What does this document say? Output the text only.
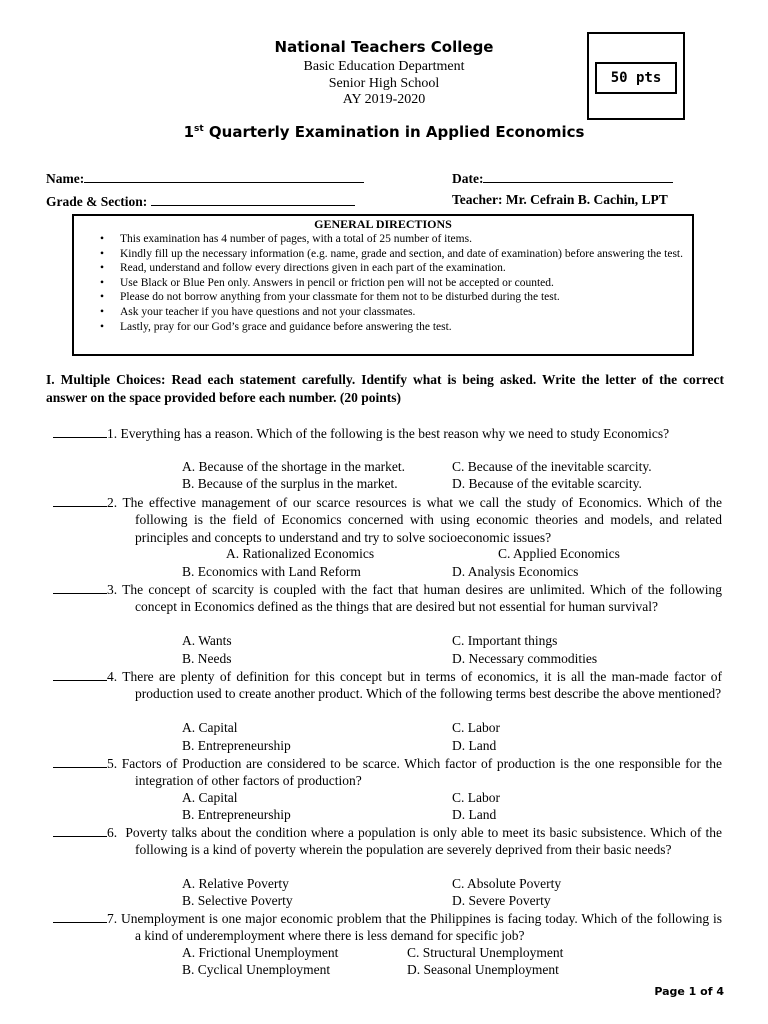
National Teachers College
Basic Education Department
Senior High School
AY 2019-2020
50 pts
1st Quarterly Examination in Applied Economics
Name:	Date:
Grade & Section:	Teacher: Mr. Cefrain B. Cachin, LPT
GENERAL DIRECTIONS
• This examination has 4 number of pages, with a total of 25 number of items.
• Kindly fill up the necessary information (e.g. name, grade and section, and date of examination) before answering the test.
• Read, understand and follow every directions given in each part of the examination.
• Use Black or Blue Pen only. Answers in pencil or friction pen will not be accepted or counted.
• Please do not borrow anything from your classmate for them not to be disturbed during the test.
• Ask your teacher if you have questions and not your classmates.
• Lastly, pray for our God’s grace and guidance before answering the test.
I. Multiple Choices: Read each statement carefully. Identify what is being asked. Write the letter of the correct answer on the space provided before each number. (20 points)
1. Everything has a reason. Which of the following is the best reason why we need to study Economics?
A. Because of the shortage in the market.
B. Because of the surplus in the market.
C. Because of the inevitable scarcity.
D. Because of the evitable scarcity.
2. The effective management of our scarce resources is what we call the study of Economics. Which of the following is the field of Economics concerned with using economic theories and models, and related principles and concepts to understand and try to solve socioeconomic issues?
A. Rationalized Economics
B. Economics with Land Reform
C. Applied Economics
D. Analysis Economics
3. The concept of scarcity is coupled with the fact that human desires are unlimited. Which of the following concept in Economics defined as the things that are desired but not essential for human survival?
A. Wants
B. Needs
C. Important things
D. Necessary commodities
4. There are plenty of definition for this concept but in terms of economics, it is all the man-made factor of production used to create another product. Which of the following terms best describe the above mentioned?
A. Capital
B. Entrepreneurship
C. Labor
D. Land
5. Factors of Production are considered to be scarce. Which factor of production is the one responsible for the integration of other factors of production?
A. Capital
B. Entrepreneurship
C. Labor
D. Land
6. Poverty talks about the condition where a population is only able to meet its basic subsistence. Which of the following is a kind of poverty wherein the population are severely deprived from their basic needs?
A. Relative Poverty
B. Selective Poverty
C. Absolute Poverty
D. Severe Poverty
7. Unemployment is one major economic problem that the Philippines is facing today. Which of the following is a kind of underemployment where there is less demand for specific job?
A. Frictional Unemployment
B. Cyclical Unemployment
C. Structural Unemployment
D. Seasonal Unemployment
Page 1 of 4
